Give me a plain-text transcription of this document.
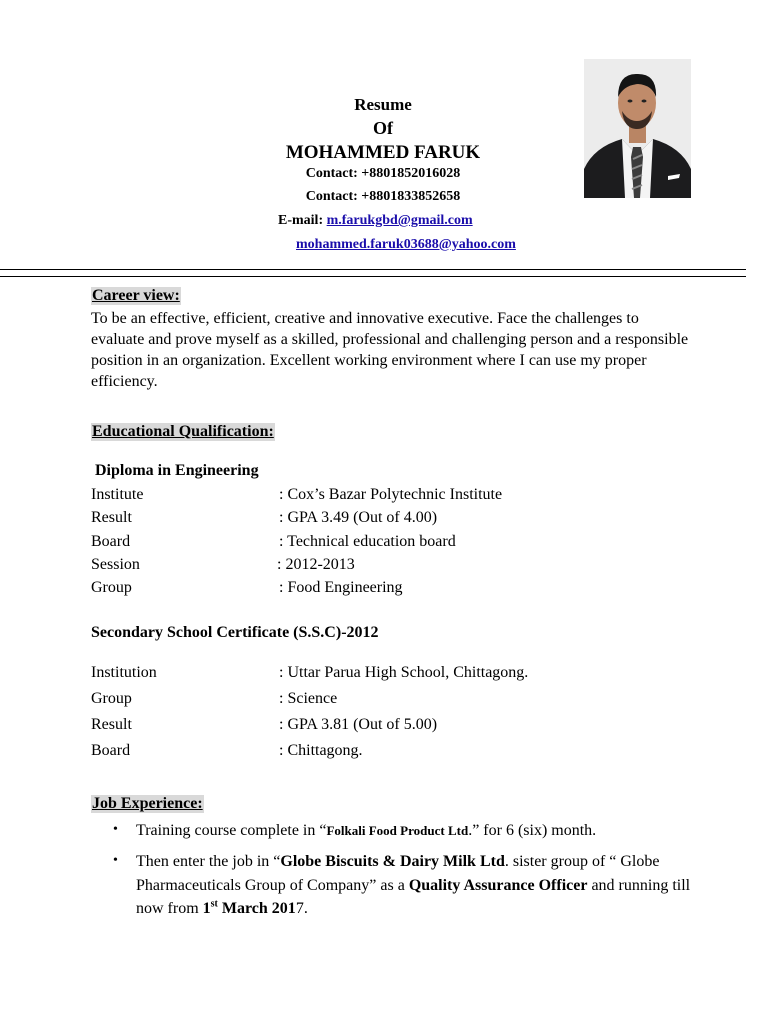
Resume
Of
MOHAMMED FARUK
Contact: +8801852016028
Contact: +8801833852658
E-mail: m.farukgbd@gmail.com
mohammed.faruk03688@yahoo.com
Career view:
To be an effective, efficient, creative and innovative executive. Face the challenges to evaluate and prove myself as a skilled, professional and challenging person and a responsible position in an organization. Excellent working environment where I can use my proper efficiency.
Educational Qualification:
Diploma in Engineering
Institute	: Cox’s Bazar Polytechnic Institute
Result	: GPA 3.49 (Out of 4.00)
Board	: Technical education board
Session	: 2012-2013
Group	: Food Engineering
Secondary School Certificate (S.S.C)-2012
Institution	: Uttar Parua High School, Chittagong.
Group	: Science
Result	: GPA 3.81 (Out of 5.00)
Board	: Chittagong.
Job Experience:
• Training course complete in “Folkali Food Product Ltd.” for 6 (six) month.
• Then enter the job in “Globe Biscuits & Dairy Milk Ltd. sister group of “ Globe Pharmaceuticals Group of Company” as a Quality Assurance Officer and running till now from 1st March 2017.
